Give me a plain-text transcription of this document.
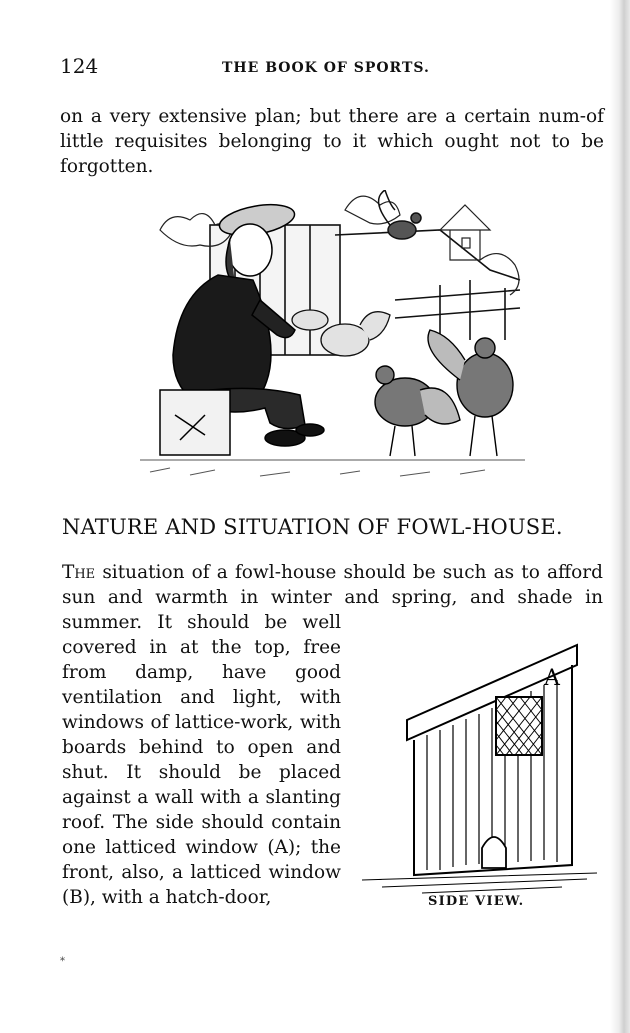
124	THE BOOK OF SPORTS.

on a very extensive plan; but there are a certain num-of little requisites belonging to it which ought not to be forgotten.

NATURE AND SITUATION OF FOWL-HOUSE.

The situation of a fowl-house should be such as to afford sun and warmth in winter and spring, and shade in

summer. It should be well covered in at the top, free from damp, have good ventilation and light, with windows of lattice-work, with boards behind to open and shut. It should be placed against a wall with a slanting roof. The side should contain one latticed window (A); the front, also, a latticed window (B), with a hatch-door,

A
SIDE VIEW.
*
